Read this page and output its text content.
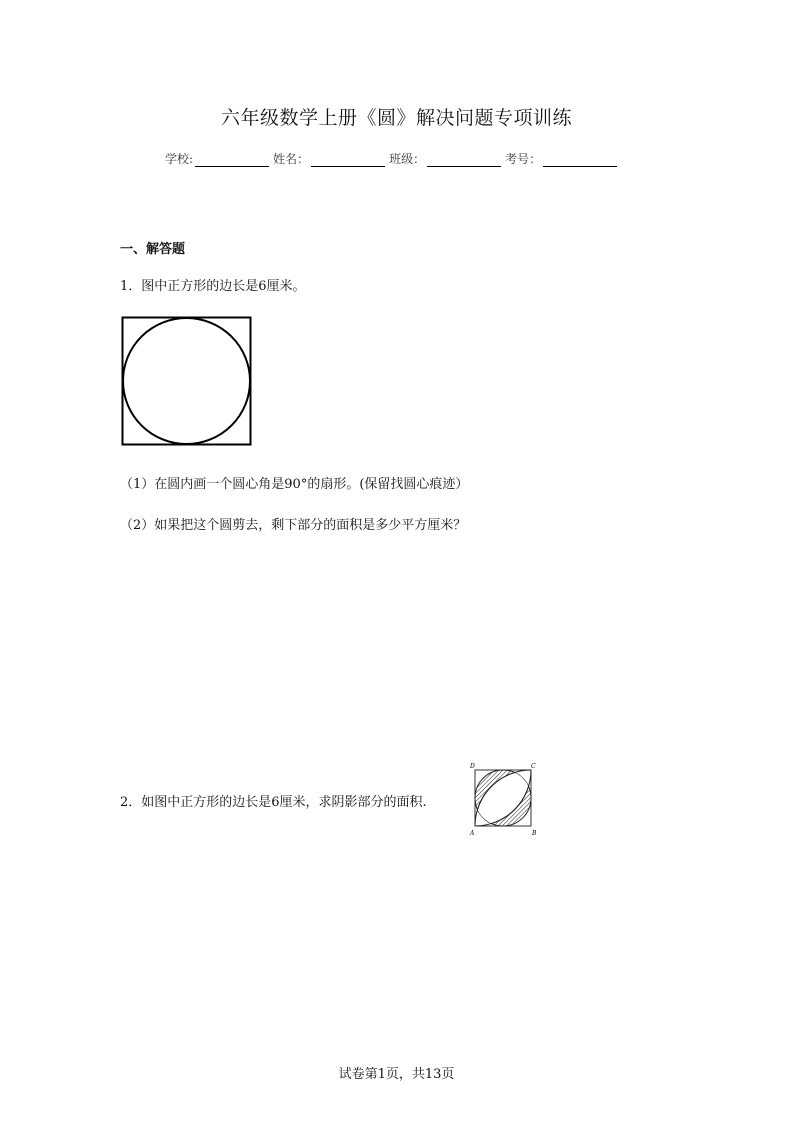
六年级数学上册《圆》解决问题专项训练
学校:	姓名：	班级：	考号：
一、解答题
1．图中正方形的边长是6厘米。
（1）在圆内画一个圆心角是90°的扇形。(保留找圆心痕迹）
（2）如果把这个圆剪去，剩下部分的面积是多少平方厘米？
2．如图中正方形的边长是6厘米，求阴影部分的面积.
D	C
A	B
试卷第1页，共13页
